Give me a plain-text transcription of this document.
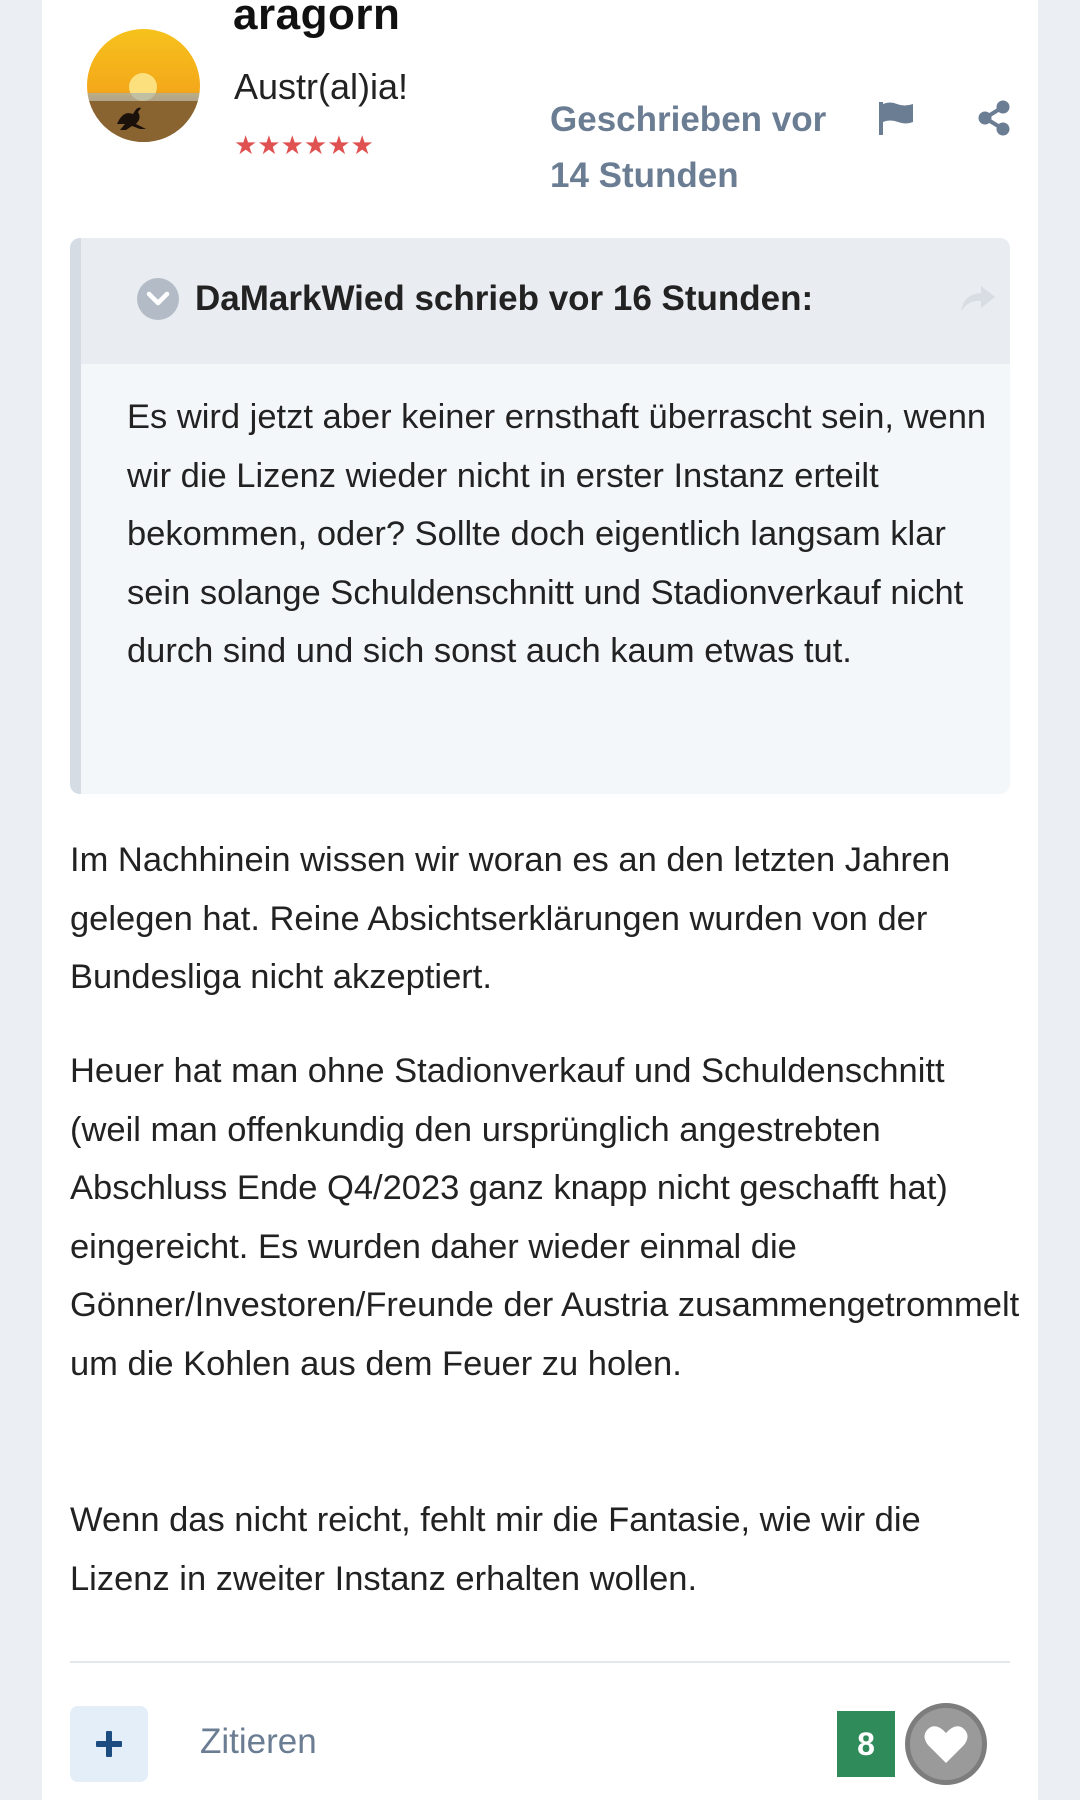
aragorn
Austr(al)ia!
★★★★★★
Geschrieben vor 14 Stunden
DaMarkWied schrieb vor 16 Stunden:
Es wird jetzt aber keiner ernsthaft überrascht sein, wenn wir die Lizenz wieder nicht in erster Instanz erteilt bekommen, oder? Sollte doch eigentlich langsam klar sein solange Schuldenschnitt und Stadionverkauf nicht durch sind und sich sonst auch kaum etwas tut.
Im Nachhinein wissen wir woran es an den letzten Jahren gelegen hat. Reine Absichtserklärungen wurden von der Bundesliga nicht akzeptiert.
Heuer hat man ohne Stadionverkauf und Schuldenschnitt (weil man offenkundig den ursprünglich angestrebten Abschluss Ende Q4/2023 ganz knapp nicht geschafft hat) eingereicht. Es wurden daher wieder einmal die Gönner/Investoren/Freunde der Austria zusammengetrommelt um die Kohlen aus dem Feuer zu holen.
Wenn das nicht reicht, fehlt mir die Fantasie, wie wir die Lizenz in zweiter Instanz erhalten wollen.
Zitieren	8
